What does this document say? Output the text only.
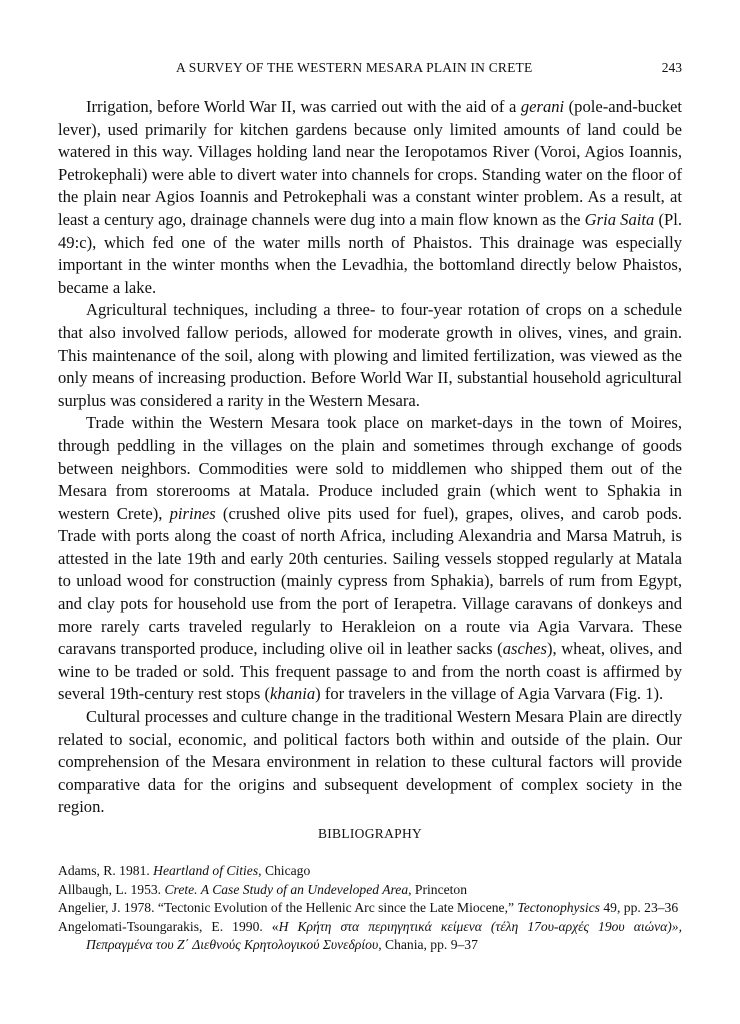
A SURVEY OF THE WESTERN MESARA PLAIN IN CRETE	243

Irrigation, before World War II, was carried out with the aid of a gerani (pole-and-bucket lever), used primarily for kitchen gardens because only limited amounts of land could be watered in this way. Villages holding land near the Ieropotamos River (Voroi, Agios Ioannis, Petrokephali) were able to divert water into channels for crops. Standing water on the floor of the plain near Agios Ioannis and Petrokephali was a constant winter problem. As a result, at least a century ago, drainage channels were dug into a main flow known as the Gria Saita (Pl. 49:c), which fed one of the water mills north of Phaistos. This drainage was especially important in the winter months when the Levadhia, the bottomland directly below Phaistos, became a lake.

Agricultural techniques, including a three- to four-year rotation of crops on a schedule that also involved fallow periods, allowed for moderate growth in olives, vines, and grain. This maintenance of the soil, along with plowing and limited fertilization, was viewed as the only means of increasing production. Before World War II, substantial household agricultural surplus was considered a rarity in the Western Mesara.

Trade within the Western Mesara took place on market-days in the town of Moires, through peddling in the villages on the plain and sometimes through exchange of goods between neighbors. Commodities were sold to middlemen who shipped them out of the Mesara from storerooms at Matala. Produce included grain (which went to Sphakia in western Crete), pirines (crushed olive pits used for fuel), grapes, olives, and carob pods. Trade with ports along the coast of north Africa, including Alexandria and Marsa Matruh, is attested in the late 19th and early 20th centuries. Sailing vessels stopped regularly at Matala to unload wood for construction (mainly cypress from Sphakia), barrels of rum from Egypt, and clay pots for household use from the port of Ierapetra. Village caravans of donkeys and more rarely carts traveled regularly to Herakleion on a route via Agia Varvara. These caravans transported produce, including olive oil in leather sacks (asches), wheat, olives, and wine to be traded or sold. This frequent passage to and from the north coast is affirmed by several 19th-century rest stops (khania) for travelers in the village of Agia Varvara (Fig. 1).

Cultural processes and culture change in the traditional Western Mesara Plain are directly related to social, economic, and political factors both within and outside of the plain. Our comprehension of the Mesara environment in relation to these cultural factors will provide comparative data for the origins and subsequent development of complex society in the region.

BIBLIOGRAPHY

Adams, R. 1981. Heartland of Cities, Chicago

Allbaugh, L. 1953. Crete. A Case Study of an Undeveloped Area, Princeton

Angelier, J. 1978. “Tectonic Evolution of the Hellenic Arc since the Late Miocene,” Tectonophysics 49, pp. 23–36

Angelomati-Tsoungarakis, E. 1990. «Η Κρήτη στα περιηγητικά κείμενα (τέλη 17ου-αρχές 19ου αιώνα)», Πεπραγμένα του Ζ΄ Διεθνούς Κρητολογικού Συνεδρίου, Chania, pp. 9–37
